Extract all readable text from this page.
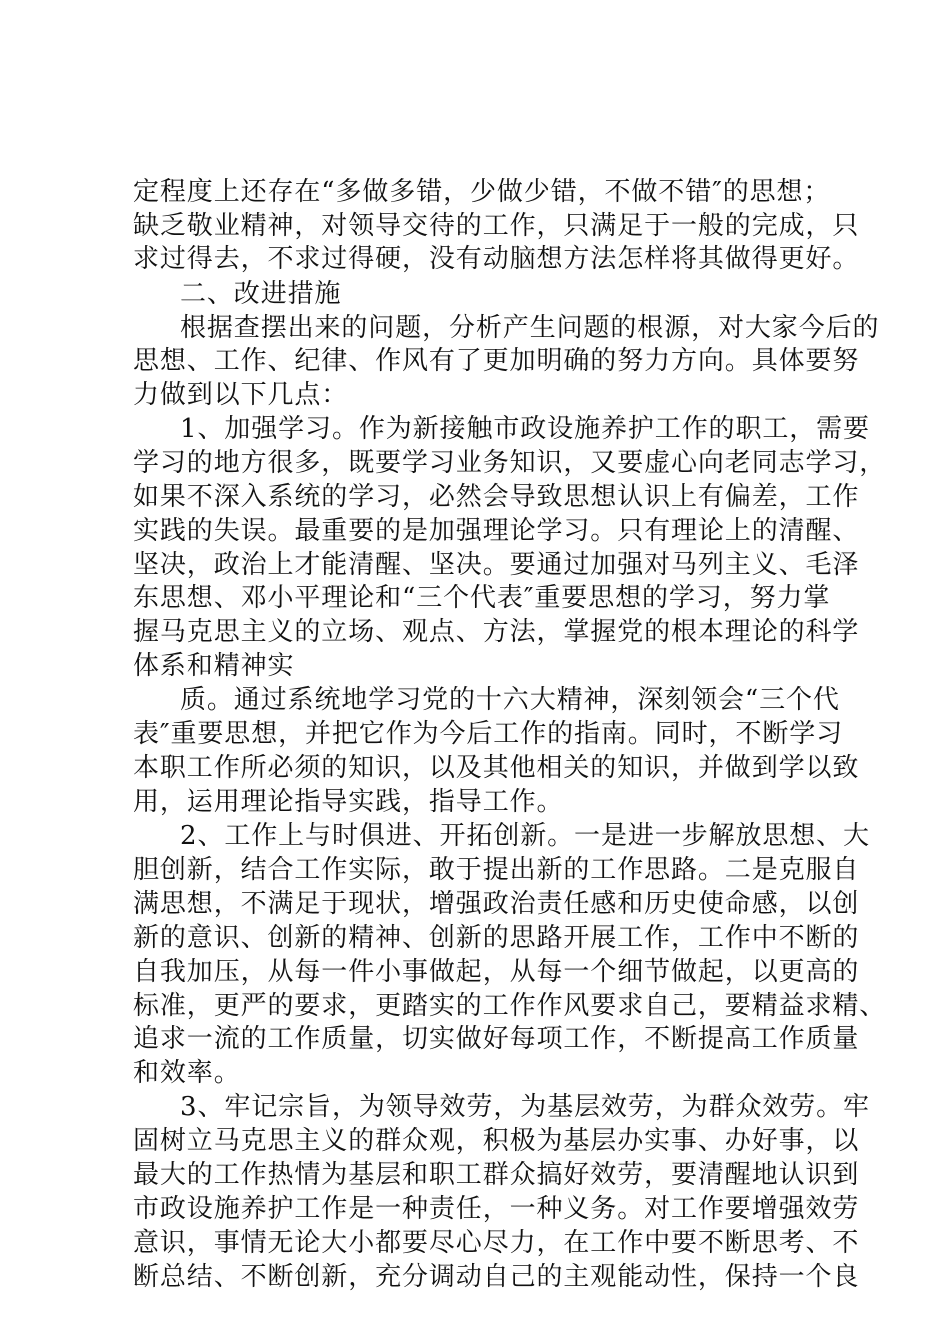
定程度上还存在“多做多错，少做少错，不做不错″的思想；
缺乏敬业精神，对领导交待的工作，只满足于一般的完成，只
求过得去，不求过得硬，没有动脑想方法怎样将其做得更好。
二、改进措施
根据查摆出来的问题，分析产生问题的根源，对大家今后的
思想、工作、纪律、作风有了更加明确的努力方向。具体要努
力做到以下几点：
1、加强学习。作为新接触市政设施养护工作的职工，需要
学习的地方很多，既要学习业务知识，又要虚心向老同志学习，
如果不深入系统的学习，必然会导致思想认识上有偏差，工作
实践的失误。最重要的是加强理论学习。只有理论上的清醒、
坚决，政治上才能清醒、坚决。要通过加强对马列主义、毛泽
东思想、邓小平理论和“三个代表″重要思想的学习，努力掌
握马克思主义的立场、观点、方法，掌握党的根本理论的科学
体系和精神实
质。通过系统地学习党的十六大精神，深刻领会“三个代
表″重要思想，并把它作为今后工作的指南。同时，不断学习
本职工作所必须的知识，以及其他相关的知识，并做到学以致
用，运用理论指导实践，指导工作。
2、工作上与时俱进、开拓创新。一是进一步解放思想、大
胆创新，结合工作实际，敢于提出新的工作思路。二是克服自
满思想，不满足于现状，增强政治责任感和历史使命感，以创
新的意识、创新的精神、创新的思路开展工作，工作中不断的
自我加压，从每一件小事做起，从每一个细节做起，以更高的
标准，更严的要求，更踏实的工作作风要求自己，要精益求精、
追求一流的工作质量，切实做好每项工作，不断提高工作质量
和效率。
3、牢记宗旨，为领导效劳，为基层效劳，为群众效劳。牢
固树立马克思主义的群众观，积极为基层办实事、办好事，以
最大的工作热情为基层和职工群众搞好效劳，要清醒地认识到
市政设施养护工作是一种责任，一种义务。对工作要增强效劳
意识，事情无论大小都要尽心尽力，在工作中要不断思考、不
断总结、不断创新，充分调动自己的主观能动性，保持一个良
